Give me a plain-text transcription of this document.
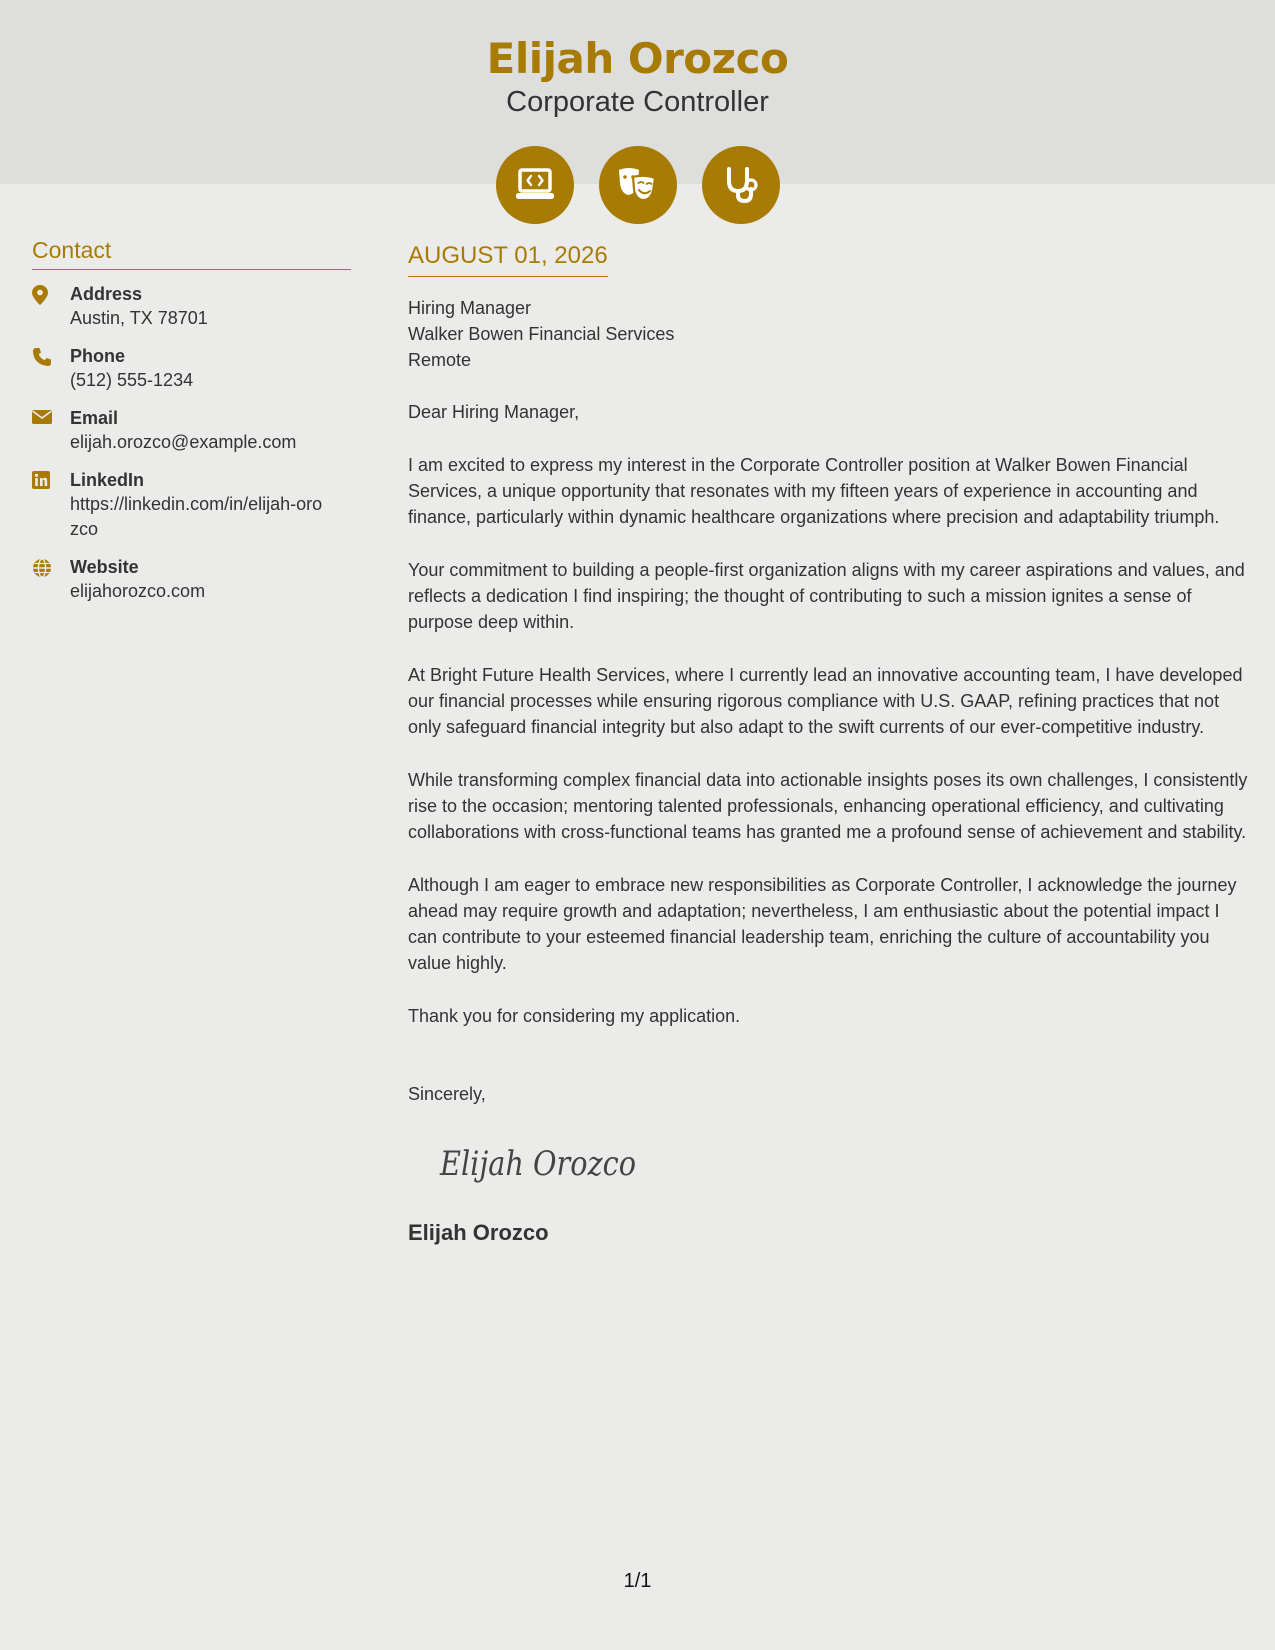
Elijah Orozco
Corporate Controller
Contact
Address
Austin, TX 78701
Phone
(512) 555-1234
Email
elijah.orozco@example.com
LinkedIn
https://linkedin.com/in/elijah-orozco
Website
elijahorozco.com
AUGUST 01, 2026
Hiring Manager
Walker Bowen Financial Services
Remote
Dear Hiring Manager,
I am excited to express my interest in the Corporate Controller position at Walker Bowen Financial Services, a unique opportunity that resonates with my fifteen years of experience in accounting and finance, particularly within dynamic healthcare organizations where precision and adaptability triumph.
Your commitment to building a people-first organization aligns with my career aspirations and values, and reflects a dedication I find inspiring; the thought of contributing to such a mission ignites a sense of purpose deep within.
At Bright Future Health Services, where I currently lead an innovative accounting team, I have developed our financial processes while ensuring rigorous compliance with U.S. GAAP, refining practices that not only safeguard financial integrity but also adapt to the swift currents of our ever-competitive industry.
While transforming complex financial data into actionable insights poses its own challenges, I consistently rise to the occasion; mentoring talented professionals, enhancing operational efficiency, and cultivating collaborations with cross-functional teams has granted me a profound sense of achievement and stability.
Although I am eager to embrace new responsibilities as Corporate Controller, I acknowledge the journey ahead may require growth and adaptation; nevertheless, I am enthusiastic about the potential impact I can contribute to your esteemed financial leadership team, enriching the culture of accountability you value highly.
Thank you for considering my application.
Sincerely,
Elijah Orozco
Elijah Orozco
1/1
